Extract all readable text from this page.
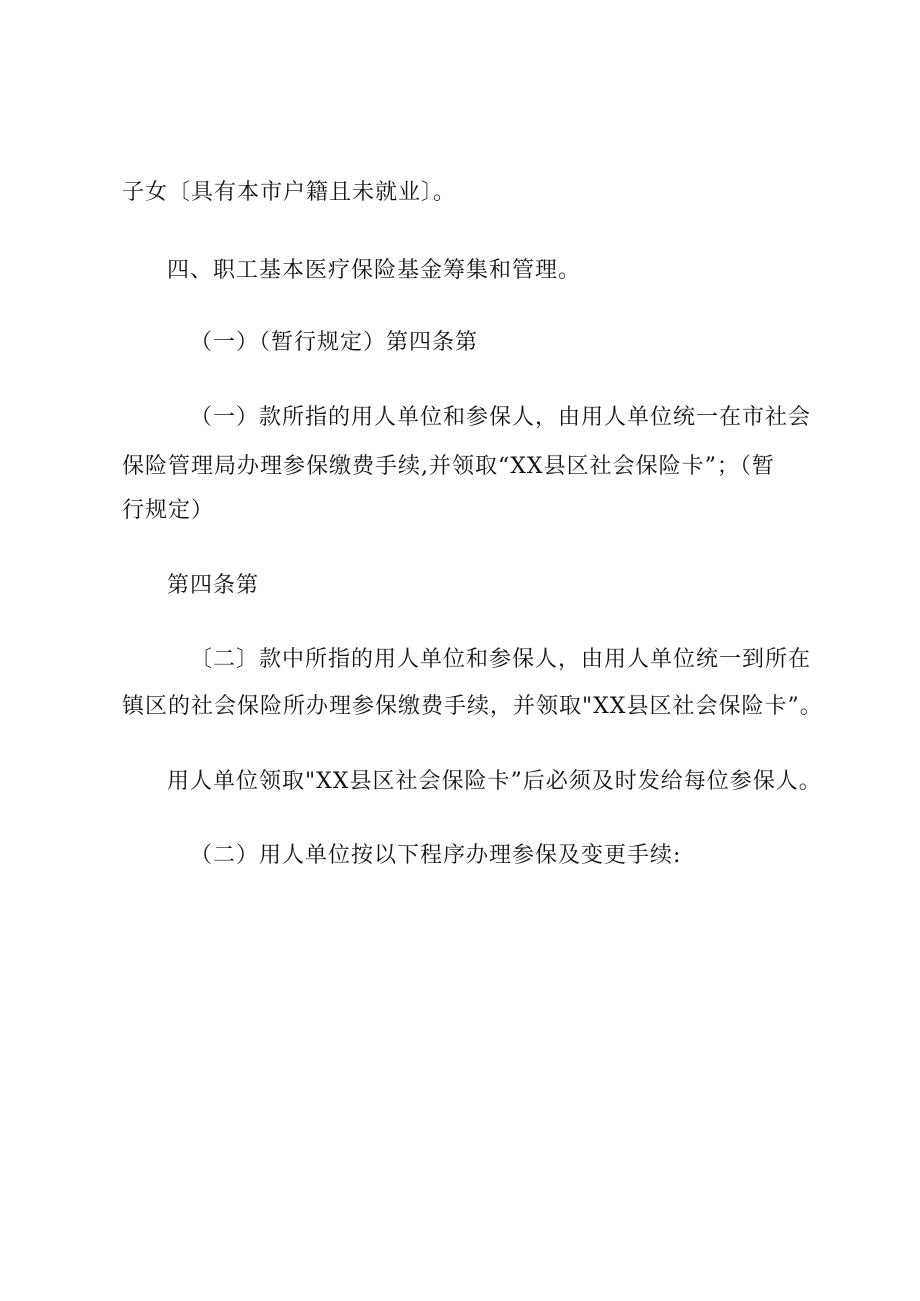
子女〔具有本市户籍且未就业〕。
四、职工基本医疗保险基金筹集和管理。
（一）（暂行规定）第四条第
（一）款所指的用人单位和参保人，由用人单位统一在市社会
保险管理局办理参保缴费手续,并领取“XX县区社会保险卡”；（暂
行规定）
第四条第
〔二〕款中所指的用人单位和参保人，由用人单位统一到所在
镇区的社会保险所办理参保缴费手续，并领取"XX县区社会保险卡”。
用人单位领取"XX县区社会保险卡”后必须及时发给每位参保人。
（二）用人单位按以下程序办理参保及变更手续:
